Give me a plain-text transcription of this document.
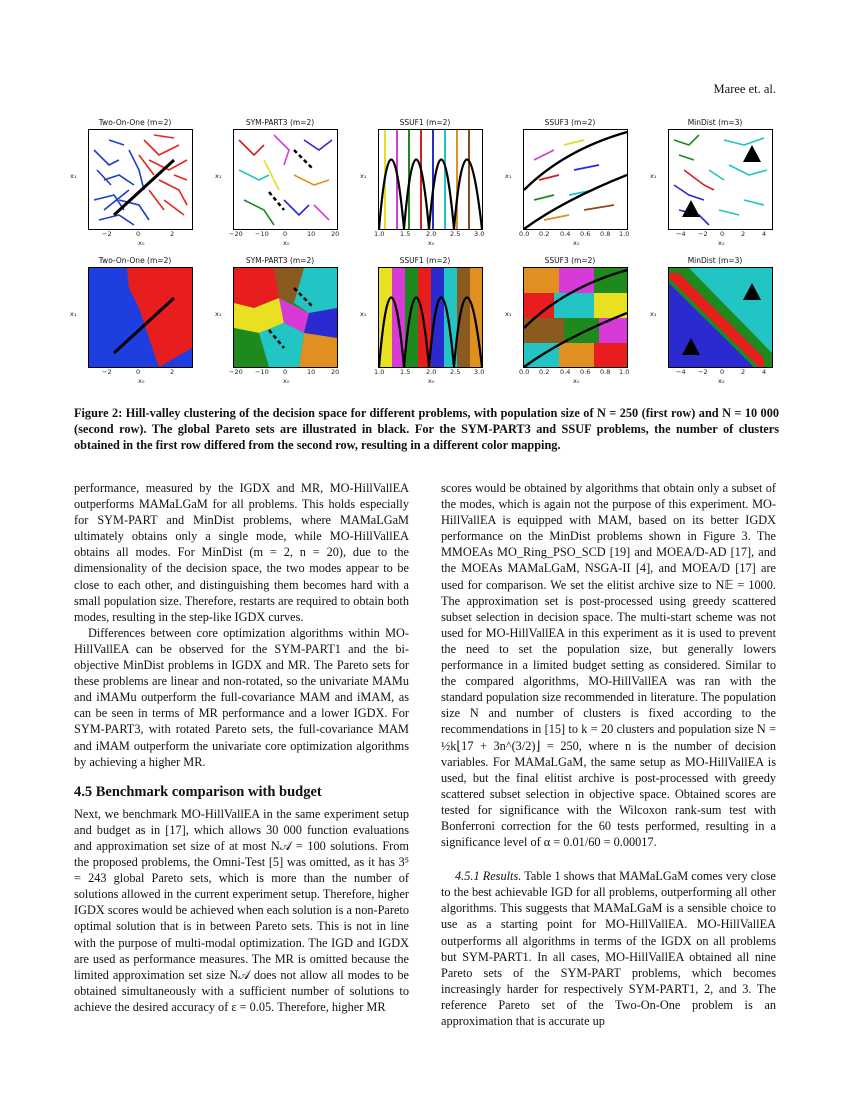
Maree et. al.
Two-On-One (m=2)
x₁
−2	0	2
x₀
SYM-PART3 (m=2)
x₁
−20 −10 0	10 20
x₀
SSUF1 (m=2)
x₁
1.0 1.5 2.0 2.5 3.0
x₀
SSUF3 (m=2)
x₁
0.0 0.2 0.4 0.6 0.8 1.0
x₀
MinDist (m=3)
x₁
−4 −2 0	2	4
x₀
Two-On-One (m=2)
x₁
−2	0	2
x₀
SYM-PART3 (m=2)
x₁
−20 −10 0	10 20
x₀
SSUF1 (m=2)
x₁
1.0 1.5 2.0 2.5 3.0
x₀
SSUF3 (m=2)
x₁
0.0 0.2 0.4 0.6 0.8 1.0
x₀
MinDist (m=3)
x₁
−4 −2 0	2	4
x₀
Figure 2: Hill-valley clustering of the decision space for different problems, with population size of N = 250 (first row) and N = 10 000 (second row). The global Pareto sets are illustrated in black. For the SYM-PART3 and SSUF problems, the number of clusters obtained in the first row differed from the second row, resulting in a different color mapping.

performance, measured by the IGDX and MR, MO-HillVallEA outperforms MAMaLGaM for all problems. This holds especially for SYM-PART and MinDist problems, where MAMaLGaM ultimately obtains only a single mode, while MO-HillVallEA obtains all modes. For MinDist (m = 2, n = 20), due to the dimensionality of the decision space, the two modes appear to be close to each other, and distinguishing them becomes hard with a small population size. Therefore, restarts are required to obtain both modes, resulting in the step-like IGDX curves.

Differences between core optimization algorithms within MO-HillVallEA can be observed for the SYM-PART1 and the bi-objective MinDist problems in IGDX and MR. The Pareto sets for these problems are linear and non-rotated, so the univariate MAMu and iMAMu outperform the full-covariance MAM and iMAM, as can be seen in terms of MR performance and a lower IGDX. For SYM-PART3, with rotated Pareto sets, the full-covariance MAM and iMAM outperform the univariate core optimization algorithms by achieving a higher MR.

4.5 Benchmark comparison with budget

Next, we benchmark MO-HillVallEA in the same experiment setup and budget as in [17], which allows 30 000 function evaluations and approximation set size of at most N𝒜 = 100 solutions. From the proposed problems, the Omni-Test [5] was omitted, as it has 3⁵ = 243 global Pareto sets, which is more than the number of solutions allowed in the current experiment setup. Therefore, higher IGDX scores would be achieved when each solution is a non-Pareto optimal solution that is in between Pareto sets. This is not in line with the purpose of multi-modal optimization. The IGD and IGDX are used as performance measures. The MR is omitted because the limited approximation set size N𝒜 does not allow all modes to be obtained simultaneously with a sufficient number of solutions to achieve the desired accuracy of ε = 0.05. Therefore, higher MR

scores would be obtained by algorithms that obtain only a subset of the modes, which is again not the purpose of this experiment. MO-HillVallEA is equipped with MAM, based on its better IGDX performance on the MinDist problems shown in Figure 3. The MMOEAs MO_Ring_PSO_SCD [19] and MOEA/D-AD [17], and the MOEAs MAMaLGaM, NSGA-II [4], and MOEA/D [17] are used for comparison. We set the elitist archive size to N𝔼 = 1000. The approximation set is post-processed using greedy scattered subset selection in decision space. The multi-start scheme was not used for MO-HillVallEA in this experiment as it is used to prevent the need to set the population size, but generally lowers performance in a limited budget setting as considered. Similar to the compared algorithms, MO-HillVallEA was ran with the standard population size recommended in literature. The population size N and number of clusters is fixed according to the recommendations in [15] to k = 20 clusters and population size N = ½k⌊17 + 3n^(3/2)⌋ = 250, where n is the number of decision variables. For MAMaLGaM, the same setup as MO-HillVallEA is used, but the final elitist archive is post-processed with greedy scattered subset selection in objective space. Obtained scores are tested for significance with the Wilcoxon rank-sum test with Bonferroni correction for the 60 tests performed, resulting in a significance level of α = 0.01/60 = 0.00017.

4.5.1 Results. Table 1 shows that MAMaLGaM comes very close to the best achievable IGD for all problems, outperforming all other algorithms. This suggests that MAMaLGaM is a sensible choice to use as a starting point for MO-HillVallEA. MO-HillVallEA outperforms all algorithms in terms of the IGDX on all problems but SYM-PART1. In all cases, MO-HillVallEA obtained all nine Pareto sets of the SYM-PART problems, which becomes increasingly harder for respectively SYM-PART1, 2, and 3. The reference Pareto set of the Two-On-One problem is an approximation that is accurate up
